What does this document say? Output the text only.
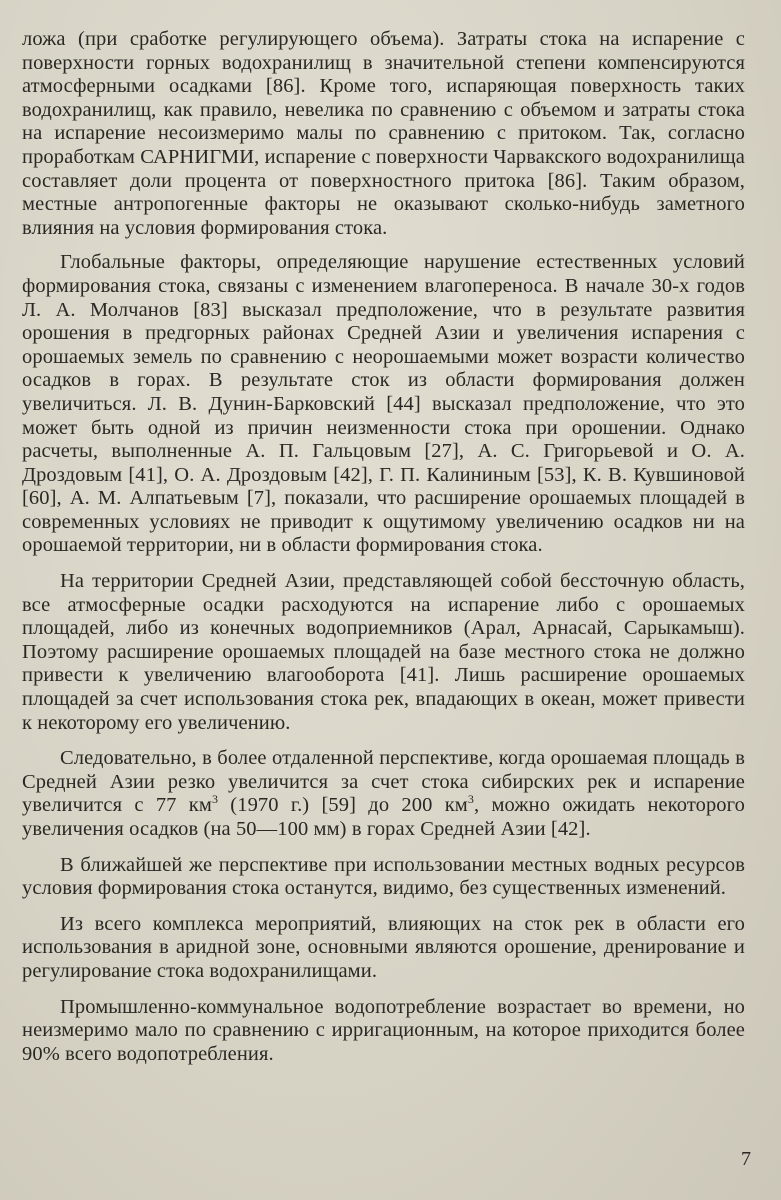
ложа (при сработке регулирующего объема). Затраты стока на испарение с поверхности горных водохранилищ в значительной степени компенсируются атмосферными осадками [86]. Кроме того, испаряющая поверхность таких водохранилищ, как правило, невелика по сравнению с объемом и затраты стока на испарение несоизмеримо малы по сравнению с притоком. Так, согласно проработкам САРНИГМИ, испарение с поверхности Чарвакского водохранилища составляет доли процента от поверхностного притока [86]. Таким образом, местные антропогенные факторы не оказывают сколько-нибудь заметного влияния на условия формирования стока.

Глобальные факторы, определяющие нарушение естественных условий формирования стока, связаны с изменением влагопереноса. В начале 30-х годов Л. А. Молчанов [83] высказал предположение, что в результате развития орошения в предгорных районах Средней Азии и увеличения испарения с орошаемых земель по сравнению с неорошаемыми может возрасти количество осадков в горах. В результате сток из области формирования должен увеличиться. Л. В. Дунин-Барковский [44] высказал предположение, что это может быть одной из причин неизменности стока при орошении. Однако расчеты, выполненные А. П. Гальцовым [27], А. С. Григорьевой и О. А. Дроздовым [41], О. А. Дроздовым [42], Г. П. Калининым [53], К. В. Кувшиновой [60], А. М. Алпатьевым [7], показали, что расширение орошаемых площадей в современных условиях не приводит к ощутимому увеличению осадков ни на орошаемой территории, ни в области формирования стока.

На территории Средней Азии, представляющей собой бессточную область, все атмосферные осадки расходуются на испарение либо с орошаемых площадей, либо из конечных водоприемников (Арал, Арнасай, Сарыкамыш). Поэтому расширение орошаемых площадей на базе местного стока не должно привести к увеличению влагооборота [41]. Лишь расширение орошаемых площадей за счет использования стока рек, впадающих в океан, может привести к некоторому его увеличению.

Следовательно, в более отдаленной перспективе, когда орошаемая площадь в Средней Азии резко увеличится за счет стока сибирских рек и испарение увеличится с 77 $км^3$ (1970 г.) [59] до 200 $км^3$, можно ожидать некоторого увеличения осадков (на 50—100 мм) в горах Средней Азии [42].

В ближайшей же перспективе при использовании местных водных ресурсов условия формирования стока останутся, видимо, без существенных изменений.

Из всего комплекса мероприятий, влияющих на сток рек в области его использования в аридной зоне, основными являются орошение, дренирование и регулирование стока водохранилищами.

Промышленно-коммунальное водопотребление возрастает во времени, но неизмеримо мало по сравнению с ирригационным, на которое приходится более 90% всего водопотребления.

7
